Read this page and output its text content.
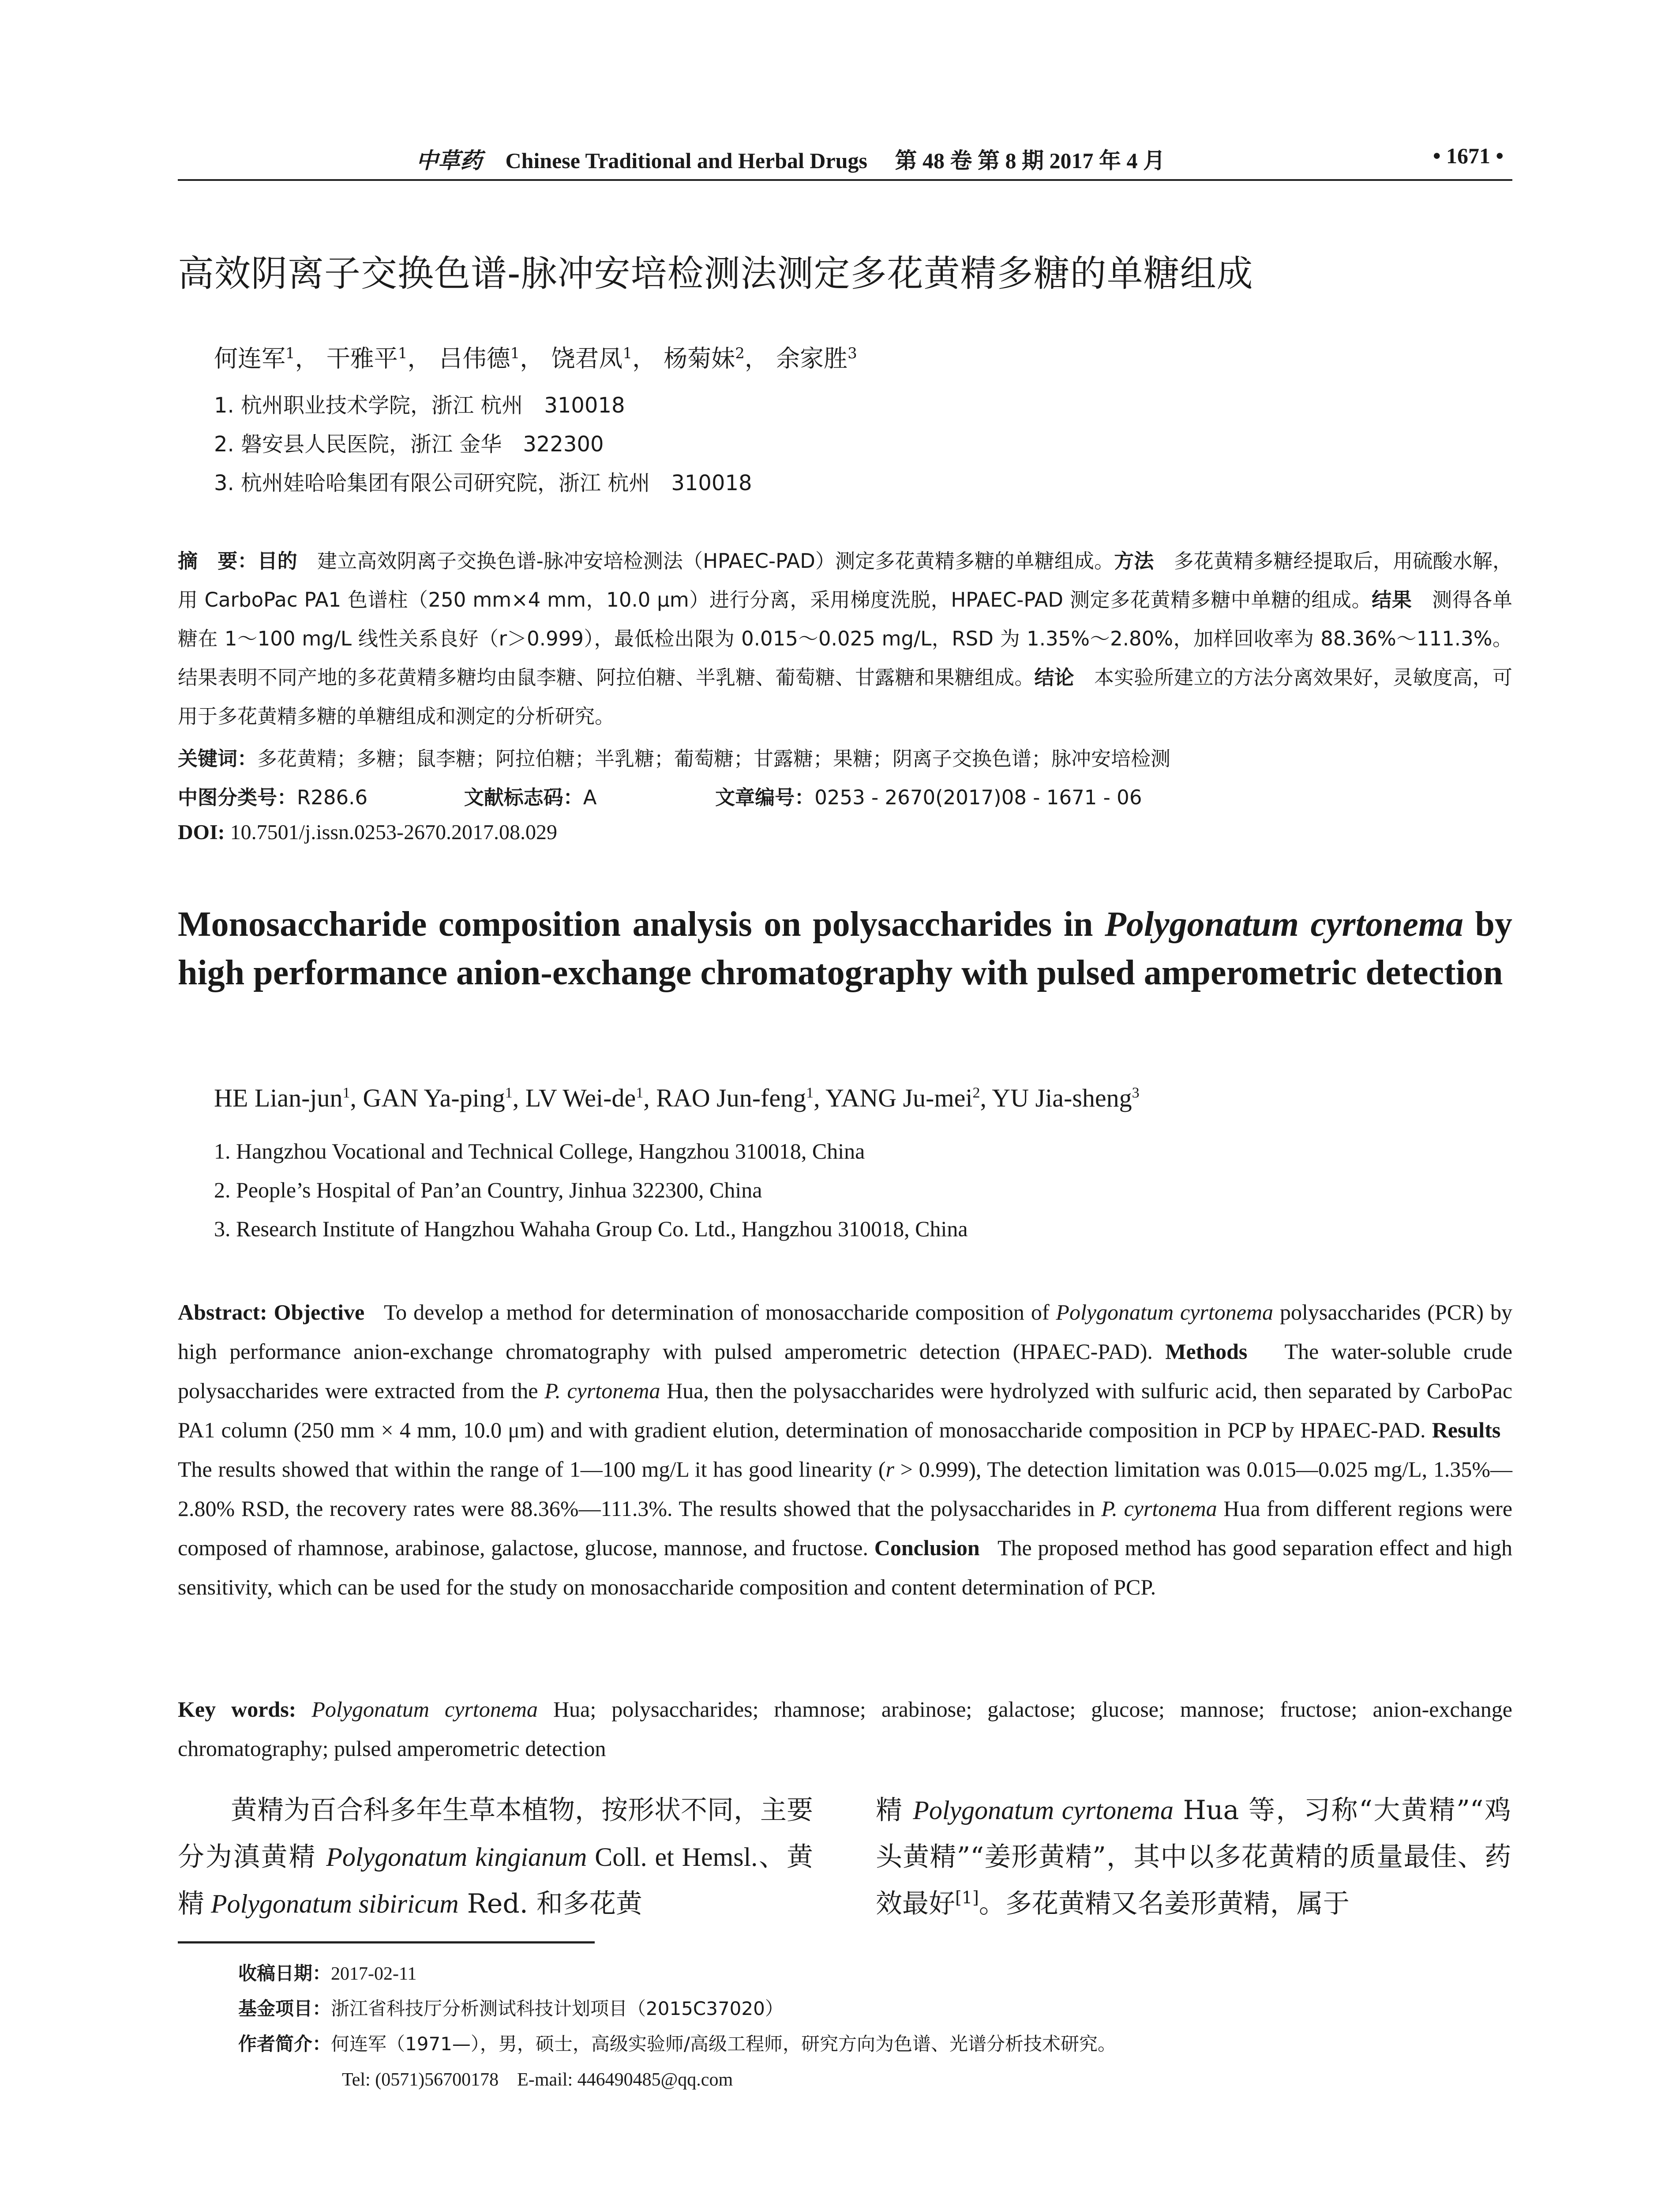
中草药 Chinese Traditional and Herbal Drugs 第 48 卷 第 8 期 2017 年 4 月	• 1671 •
高效阴离子交换色谱-脉冲安培检测法测定多花黄精多糖的单糖组成
何连军$^1$， 干雅平$^1$， 吕伟德$^1$， 饶君凤$^1$， 杨菊妹$^2$， 余家胜$^3$
1. 杭州职业技术学院，浙江 杭州　310018
2. 磐安县人民医院，浙江 金华　322300
3. 杭州娃哈哈集团有限公司研究院，浙江 杭州　310018
摘　要：目的　 建立高效阴离子交换色谱-脉冲安培检测法（HPAEC-PAD）测定多花黄精多糖的单糖组成。方法　 多花黄精多糖经提取后，用硫酸水解，用 CarboPac PA1 色谱柱（250 mm×4 mm，10.0 μm）进行分离，采用梯度洗脱，HPAEC-PAD 测定多花黄精多糖中单糖的组成。结果　 测得各单糖在 1～100 mg/L 线性关系良好（r＞0.999），最低检出限为 0.015～0.025 mg/L，RSD 为 1.35%～2.80%，加样回收率为 88.36%～111.3%。结果表明不同产地的多花黄精多糖均由鼠李糖、阿拉伯糖、半乳糖、葡萄糖、甘露糖和果糖组成。结论　 本实验所建立的方法分离效果好，灵敏度高，可用于多花黄精多糖的单糖组成和测定的分析研究。
关键词：多花黄精；多糖；鼠李糖；阿拉伯糖；半乳糖；葡萄糖；甘露糖；果糖；阴离子交换色谱；脉冲安培检测
中图分类号：R286.6	文献标志码：A	文章编号：0253 - 2670(2017)08 - 1671 - 06
DOI: 10.7501/j.issn.0253-2670.2017.08.029
Monosaccharide composition analysis on polysaccharides in Polygonatum cyrtonema by high performance anion-exchange chromatography with pulsed amperometric detection
HE Lian-jun$^1$, GAN Ya-ping$^1$, LV Wei-$de^1$, RAO Jun-feng$^1$, YANG Ju-mei$^2$, YU Jia-sheng$^3$
1. Hangzhou Vocational and Technical College, Hangzhou 310018, China
2. People’s Hospital of Pan’an Country, Jinhua 322300, China
3. Research Institute of Hangzhou Wahaha Group Co. Ltd., Hangzhou 310018, China
Abstract: Objective To develop a method for determination of monosaccharide composition of Polygonatum cyrtonema polysaccharides (PCR) by high performance anion-exchange chromatography with pulsed amperometric detection (HPAEC-PAD). Methods The water-soluble crude polysaccharides were extracted from the P. cyrtonema Hua, then the polysaccharides were hydrolyzed with sulfuric acid, then separated by CarboPac PA1 column (250 mm × 4 mm, 10.0 μm) and with gradient elution, determination of monosaccharide composition in PCP by HPAEC-PAD. Results   The results showed that within the range of 1—100 mg/L it has good linearity (r > 0.999), The detection limitation was 0.015—0.025 mg/L, 1.35%—2.80% RSD, the recovery rates were 88.36%—111.3%. The results showed that the polysaccharides in P. cyrtonema Hua from different regions were composed of rhamnose, arabinose, galactose, glucose, mannose, and fructose. Conclusion The proposed method has good separation effect and high sensitivity, which can be used for the study on monosaccharide composition and content determination of PCP.
Key words: Polygonatum cyrtonema Hua; polysaccharides; rhamnose; arabinose; galactose; glucose; mannose; fructose; anion-exchange chromatography; pulsed amperometric detection
黄精为百合科多年生草本植物，按形状不同，主要分为滇黄精 Polygonatum kingianum Coll. et Hemsl.、黄精 Polygonatum sibiricum Red. 和多花黄
精 Polygonatum cyrtonema Hua 等，习称“大黄精”“鸡头黄精”“姜形黄精”，其中以多花黄精的质量最佳、药效最好[1]。多花黄精又名姜形黄精，属于
收稿日期：2017-02-11
基金项目：浙江省科技厅分析测试科技计划项目（2015C37020）
作者简介：何连军（1971—），男，硕士，高级实验师/高级工程师，研究方向为色谱、光谱分析技术研究。
Tel: (0571)56700178　E-mail: 446490485@qq.com
